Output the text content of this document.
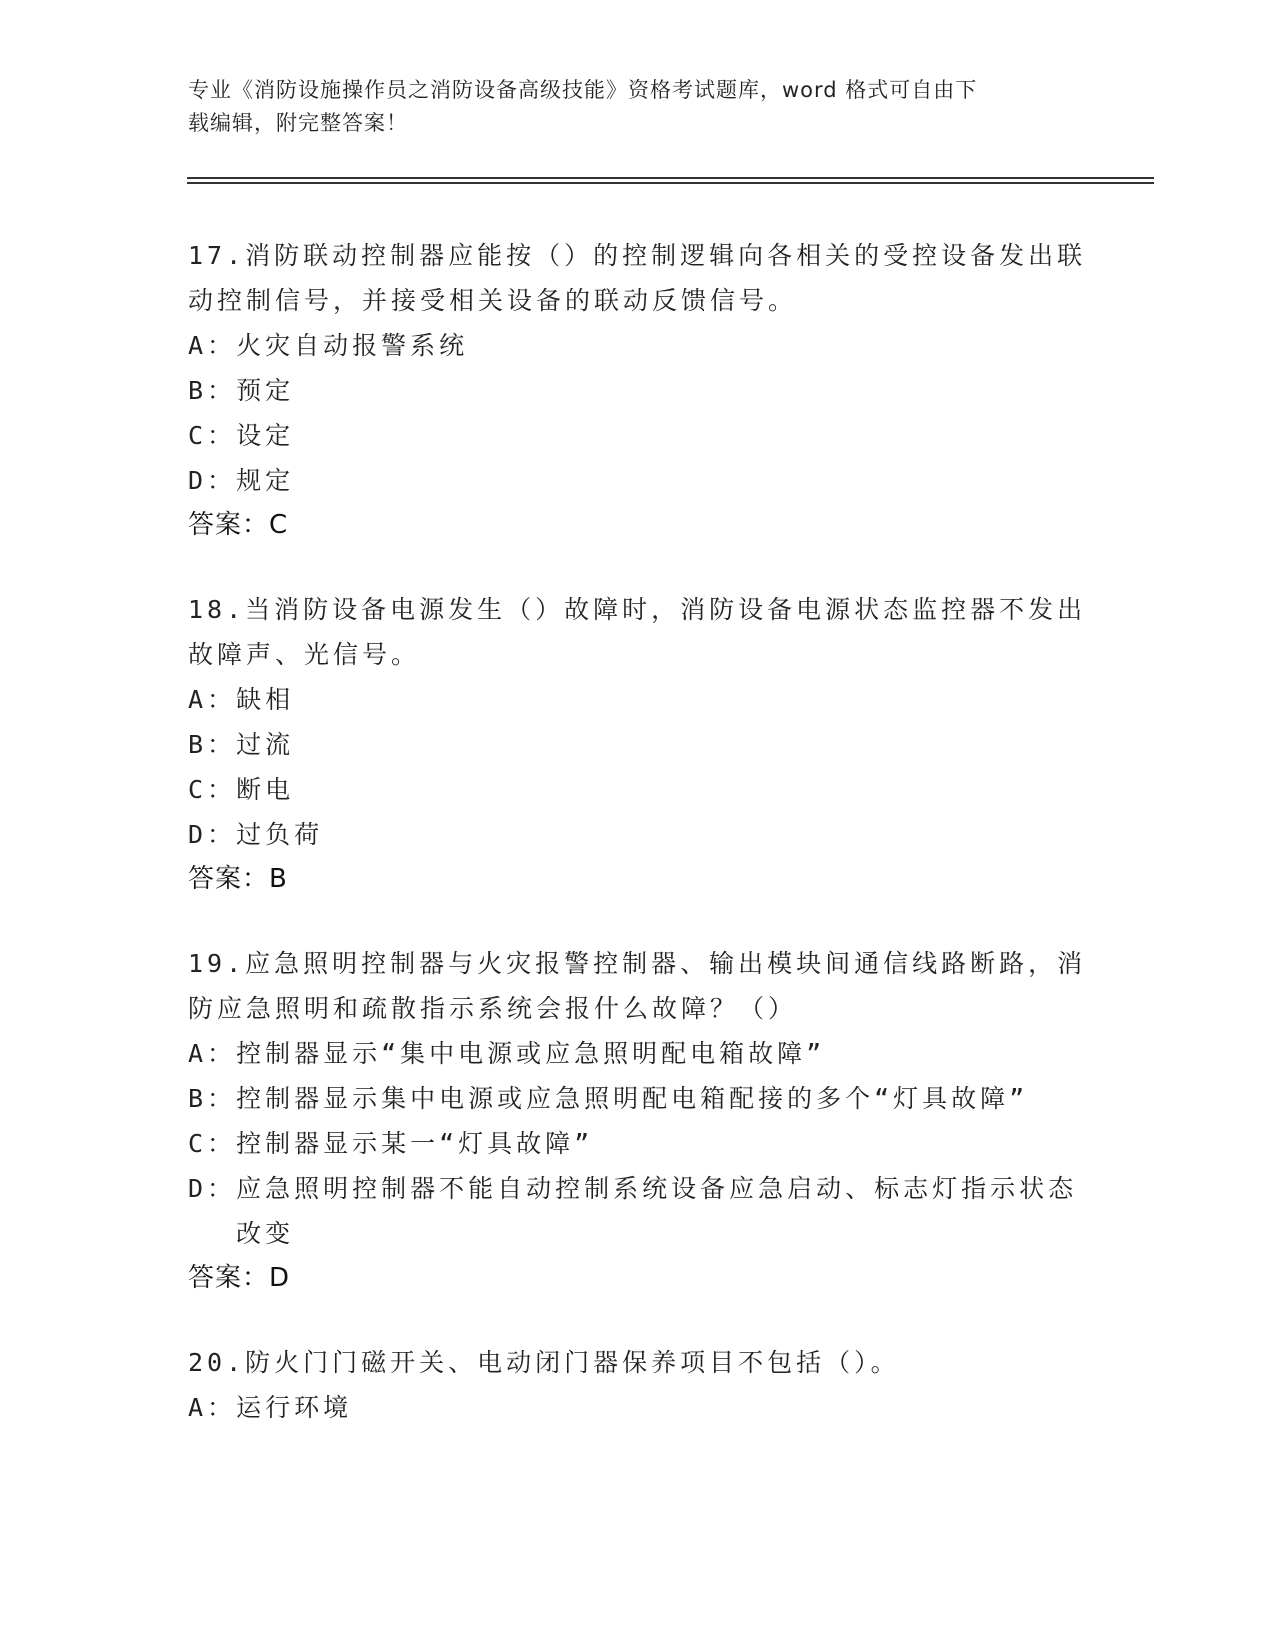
专业《消防设施操作员之消防设备高级技能》资格考试题库，word 格式可自由下
载编辑，附完整答案！

17.消防联动控制器应能按（）的控制逻辑向各相关的受控设备发出联动控制信号，并接受相关设备的联动反馈信号。

A： 火灾自动报警系统
B： 预定
C： 设定
D： 规定
答案：C

18.当消防设备电源发生（）故障时，消防设备电源状态监控器不发出故障声、光信号。

A： 缺相
B： 过流
C： 断电
D： 过负荷
答案：B

19.应急照明控制器与火灾报警控制器、输出模块间通信线路断路，消防应急照明和疏散指示系统会报什么故障？（）

A： 控制器显示“集中电源或应急照明配电箱故障”
B： 控制器显示集中电源或应急照明配电箱配接的多个“灯具故障”
C： 控制器显示某一“灯具故障”
D： 应急照明控制器不能自动控制系统设备应急启动、标志灯指示状态改变
答案：D

20.防火门门磁开关、电动闭门器保养项目不包括（）。

A： 运行环境
